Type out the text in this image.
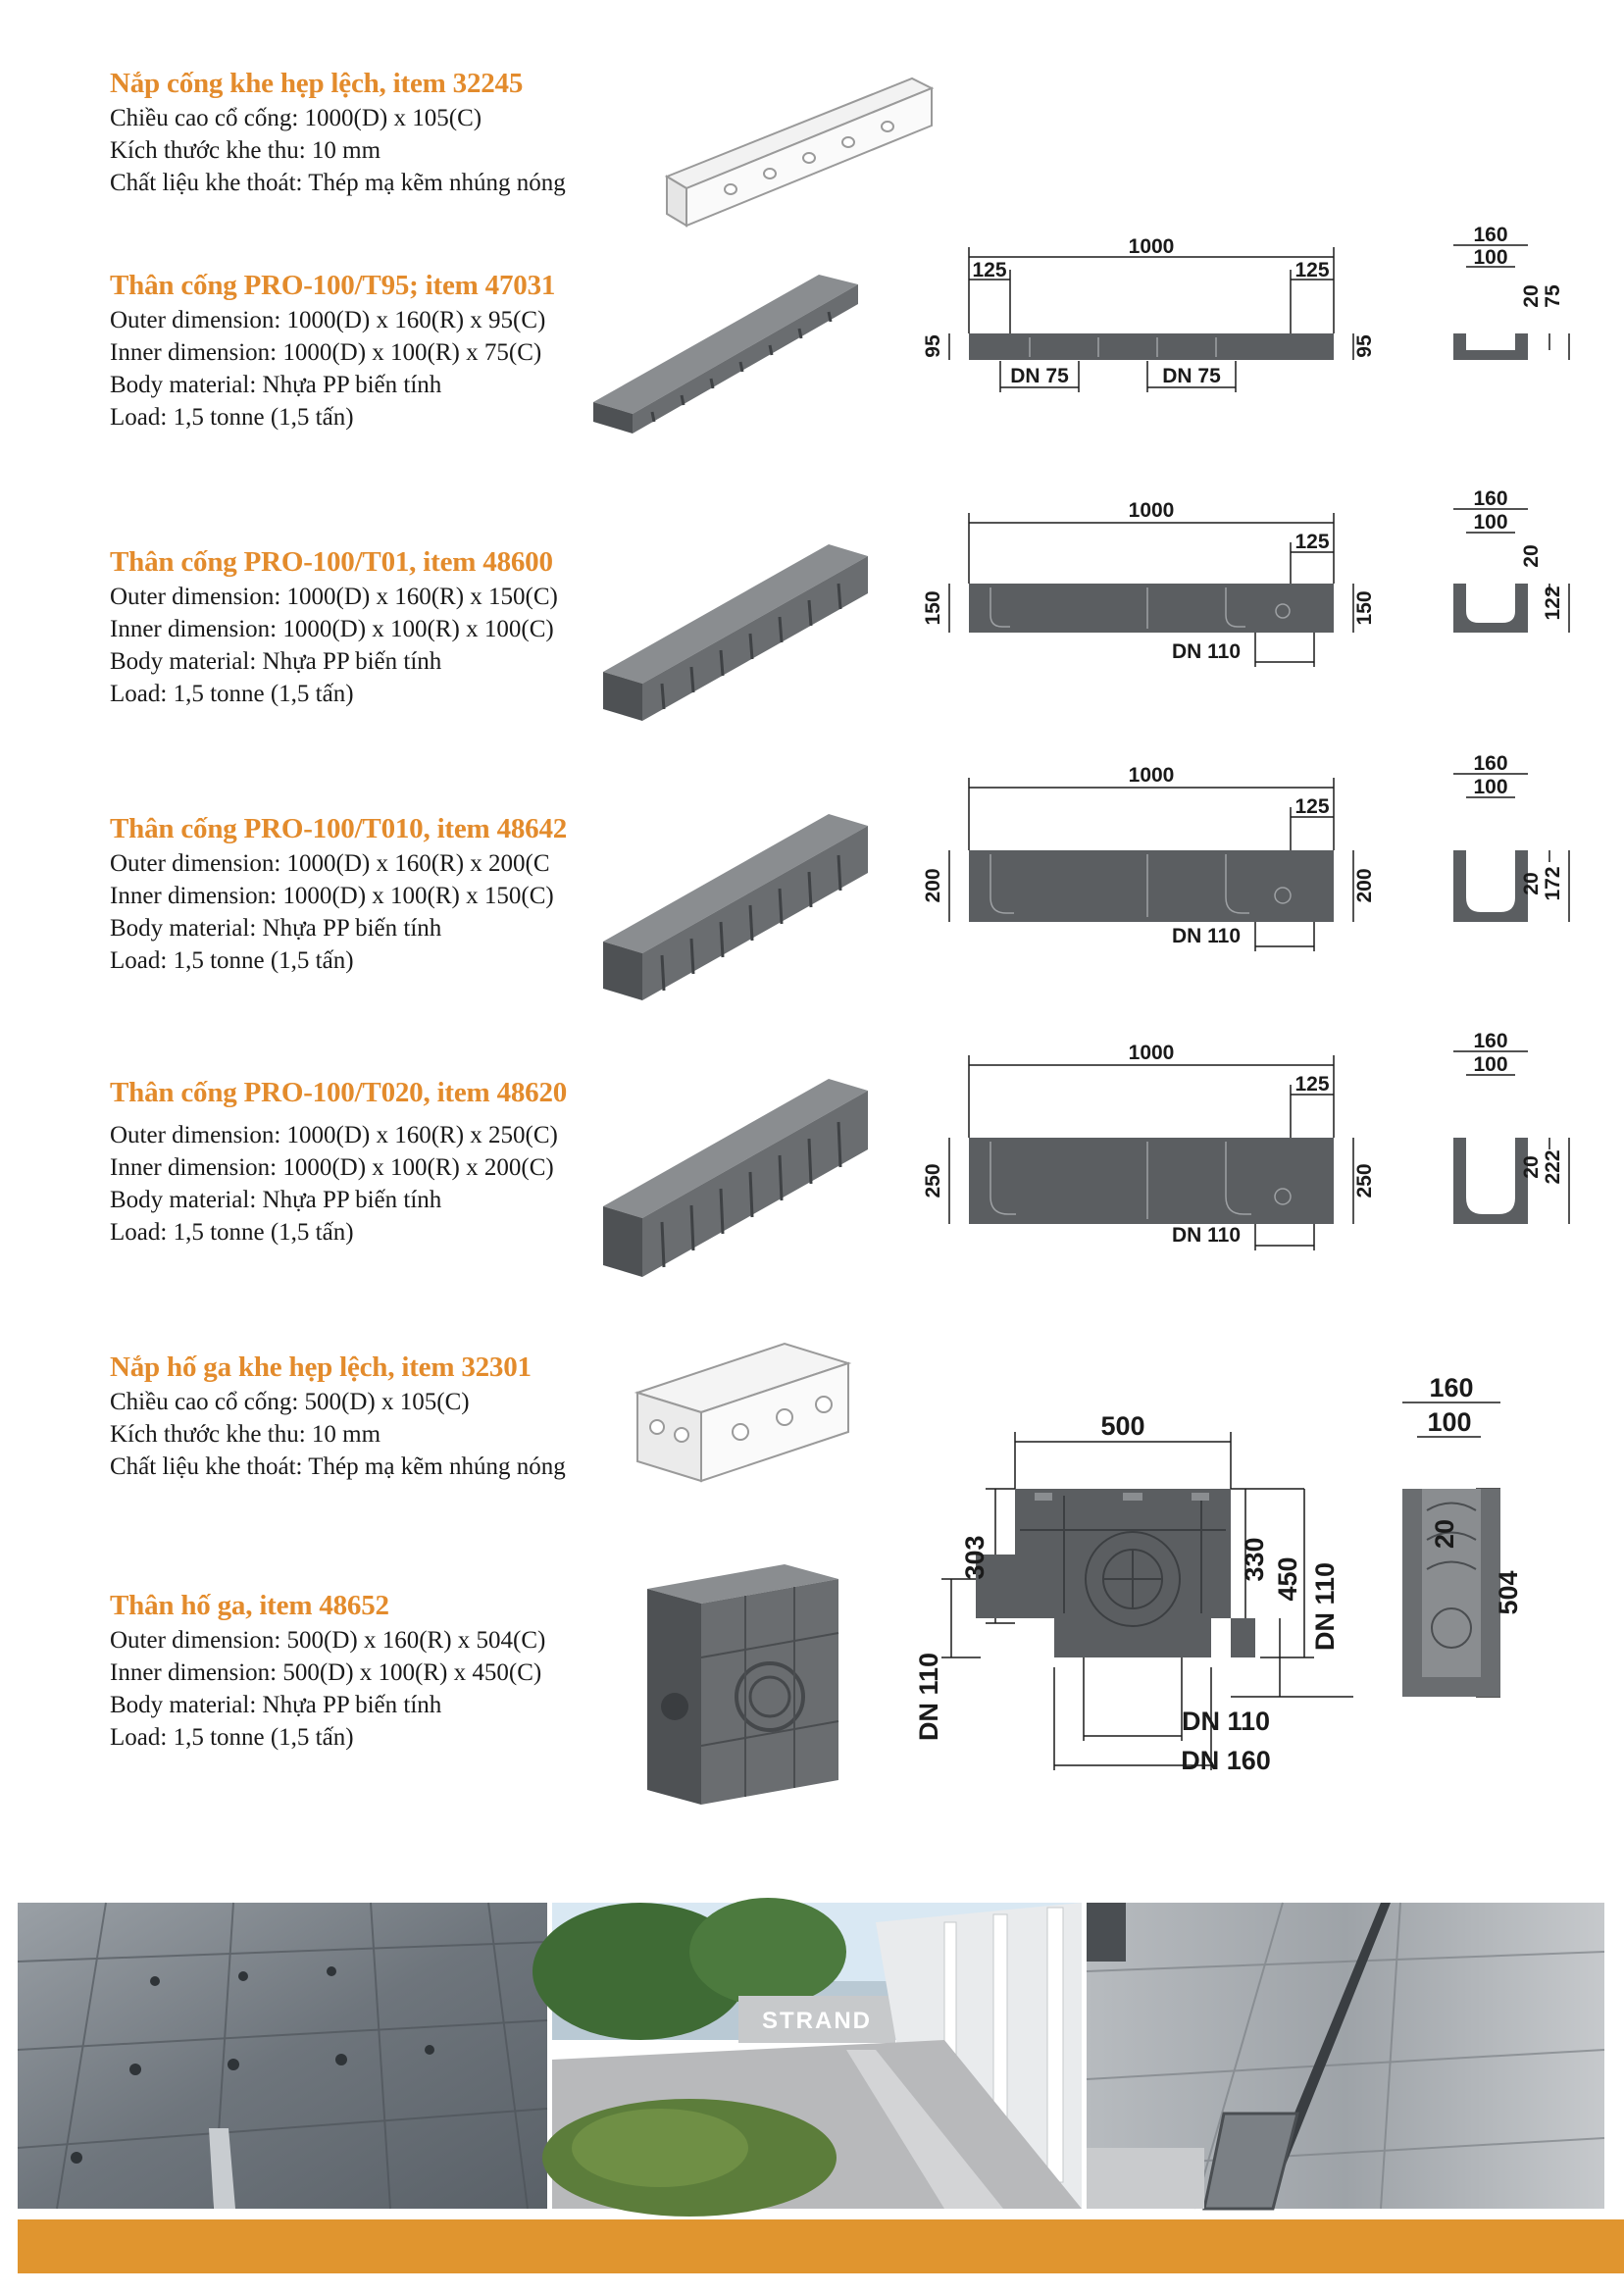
Nắp cống khe hẹp lệch, item 32245
Chiều cao cổ cống: 1000(D) x 105(C)
Kích thước khe thu: 10 mm
Chất liệu khe thoát: Thép mạ kẽm nhúng nóng
Thân cống PRO-100/T95; item 47031
Outer dimension: 1000(D) x 160(R) x 95(C)
Inner dimension: 1000(D) x 100(R) x 75(C)
Body material: Nhựa PP biến tính
Load: 1,5 tonne (1,5 tấn)
Thân cống PRO-100/T01, item 48600
Outer dimension: 1000(D) x 160(R) x 150(C)
Inner dimension: 1000(D) x 100(R) x 100(C)
Body material: Nhựa PP biến tính
Load: 1,5 tonne (1,5 tấn)
Thân cống PRO-100/T010, item 48642
Outer dimension: 1000(D) x 160(R) x 200(C
Inner dimension: 1000(D) x 100(R) x 150(C)
Body material: Nhựa PP biến tính
Load: 1,5 tonne (1,5 tấn)
Thân cống PRO-100/T020, item 48620
Outer dimension: 1000(D) x 160(R) x 250(C)
Inner dimension: 1000(D) x 100(R) x 200(C)
Body material: Nhựa PP biến tính
Load: 1,5 tonne (1,5 tấn)
Nắp hố ga khe hẹp lệch, item 32301
Chiều cao cổ cống: 500(D) x 105(C)
Kích thước khe thu: 10 mm
Chất liệu khe thoát: Thép mạ kẽm nhúng nóng
Thân hố ga, item 48652
Outer dimension: 500(D) x 160(R) x 504(C)
Inner dimension: 500(D) x 100(R) x 450(C)
Body material: Nhựa PP biến tính
Load: 1,5 tonne (1,5 tấn)
1000
125	125
95	95
DN 75	DN 75
160
100
20 75
1000
125
150	150
DN 110
160
100
20
122
1000
125
200	200
DN 110
160
100
20 172
1000
125
250	250
DN 110
160
100
20 222
500
303
DN 110
330 450 DN 110
DN 110
DN 160
160
100
20
504
STRAND
